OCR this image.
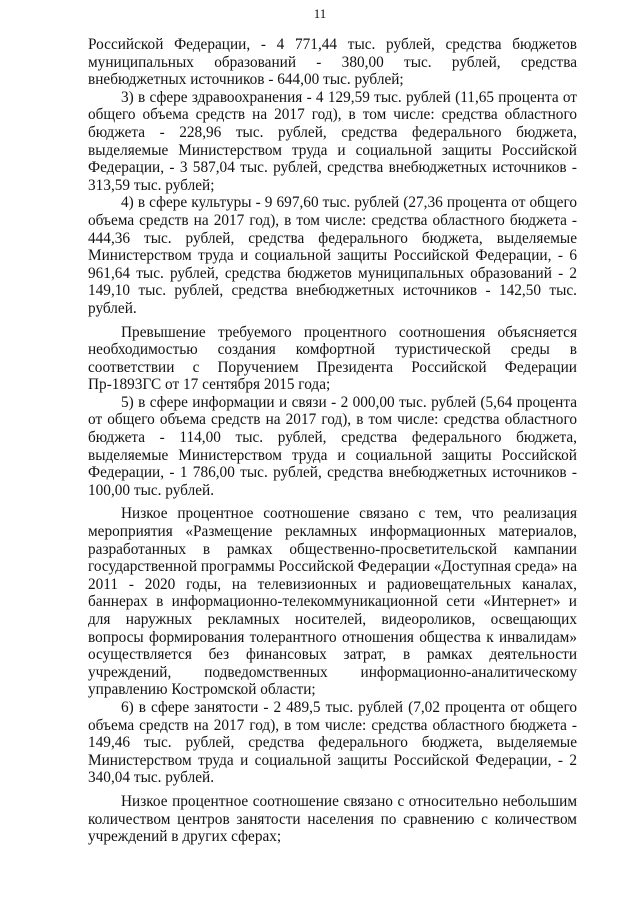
11

Российской Федерации, - 4 771,44 тыс. рублей, средства бюджетов муниципальных образований - 380,00 тыс. рублей, средства внебюджетных источников - 644,00 тыс. рублей;

3) в сфере здравоохранения - 4 129,59 тыс. рублей (11,65 процента от общего объема средств на 2017 год), в том числе: средства областного бюджета - 228,96 тыс. рублей, средства федерального бюджета, выделяемые Министерством труда и социальной защиты Российской Федерации, - 3 587,04 тыс. рублей, средства внебюджетных источников - 313,59 тыс. рублей;

4) в сфере культуры - 9 697,60 тыс. рублей (27,36 процента от общего объема средств на 2017 год), в том числе: средства областного бюджета - 444,36 тыс. рублей, средства федерального бюджета, выделяемые Министерством труда и социальной защиты Российской Федерации, - 6 961,64 тыс. рублей, средства бюджетов муниципальных образований - 2 149,10 тыс. рублей, средства внебюджетных источников - 142,50 тыс. рублей.

Превышение требуемого процентного соотношения объясняется необходимостью создания комфортной туристической среды в соответствии с Поручением Президента Российской Федерации Пр-1893ГС от 17 сентября 2015 года;

5) в сфере информации и связи - 2 000,00 тыс. рублей (5,64 процента от общего объема средств на 2017 год), в том числе: средства областного бюджета - 114,00 тыс. рублей, средства федерального бюджета, выделяемые Министерством труда и социальной защиты Российской Федерации, - 1 786,00 тыс. рублей, средства внебюджетных источников - 100,00 тыс. рублей.

Низкое процентное соотношение связано с тем, что реализация мероприятия «Размещение рекламных информационных материалов, разработанных в рамках общественно-просветительской кампании государственной программы Российской Федерации «Доступная среда» на 2011 - 2020 годы, на телевизионных и радиовещательных каналах, баннерах в информационно-телекоммуникационной сети «Интернет» и для наружных рекламных носителей, видеороликов, освещающих вопросы формирования толерантного отношения общества к инвалидам» осуществляется без финансовых затрат, в рамках деятельности учреждений, подведомственных информационно-аналитическому управлению Костромской области;

6) в сфере занятости - 2 489,5 тыс. рублей (7,02 процента от общего объема средств на 2017 год), в том числе: средства областного бюджета - 149,46 тыс. рублей, средства федерального бюджета, выделяемые Министерством труда и социальной защиты Российской Федерации, - 2 340,04 тыс. рублей.

Низкое процентное соотношение связано с относительно небольшим количеством центров занятости населения по сравнению с количеством учреждений в других сферах;
